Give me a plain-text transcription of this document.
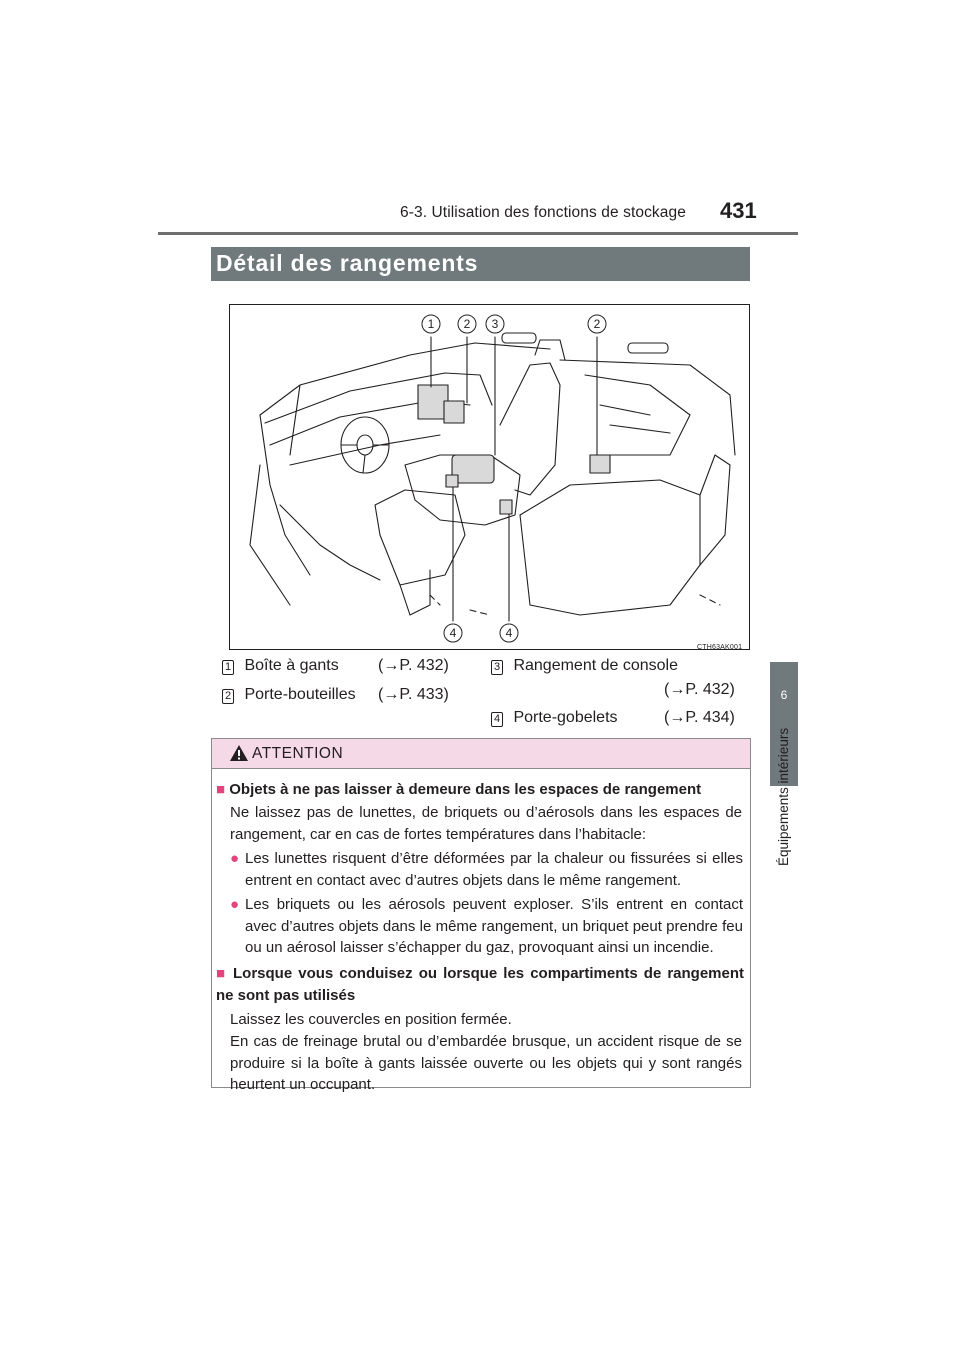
6-3. Utilisation des fonctions de stockage 431
Détail des rangements
6
Équipements intérieurs
1 2 3	2
4	4
CTH63AK001
1 Boîte à gants (→P. 432)
2 Porte-bouteilles (→P. 433)
3 Rangement de console
(→P. 432)
4 Porte-gobelets	(→P. 434)
ATTENTION
■ Objets à ne pas laisser à demeure dans les espaces de rangement
Ne laissez pas de lunettes, de briquets ou d’aérosols dans les espaces de rangement, car en cas de fortes températures dans l’habitacle:
● Les lunettes risquent d’être déformées par la chaleur ou fissurées si elles entrent en contact avec d’autres objets dans le même rangement.
● Les briquets ou les aérosols peuvent exploser. S’ils entrent en contact avec d’autres objets dans le même rangement, un briquet peut prendre feu ou un aérosol laisser s’échapper du gaz, provoquant ainsi un incendie.
■ Lorsque vous conduisez ou lorsque les compartiments de rangement ne sont pas utilisés
Laissez les couvercles en position fermée.
En cas de freinage brutal ou d’embardée brusque, un accident risque de se produire si la boîte à gants laissée ouverte ou les objets qui y sont rangés heurtent un occupant.
